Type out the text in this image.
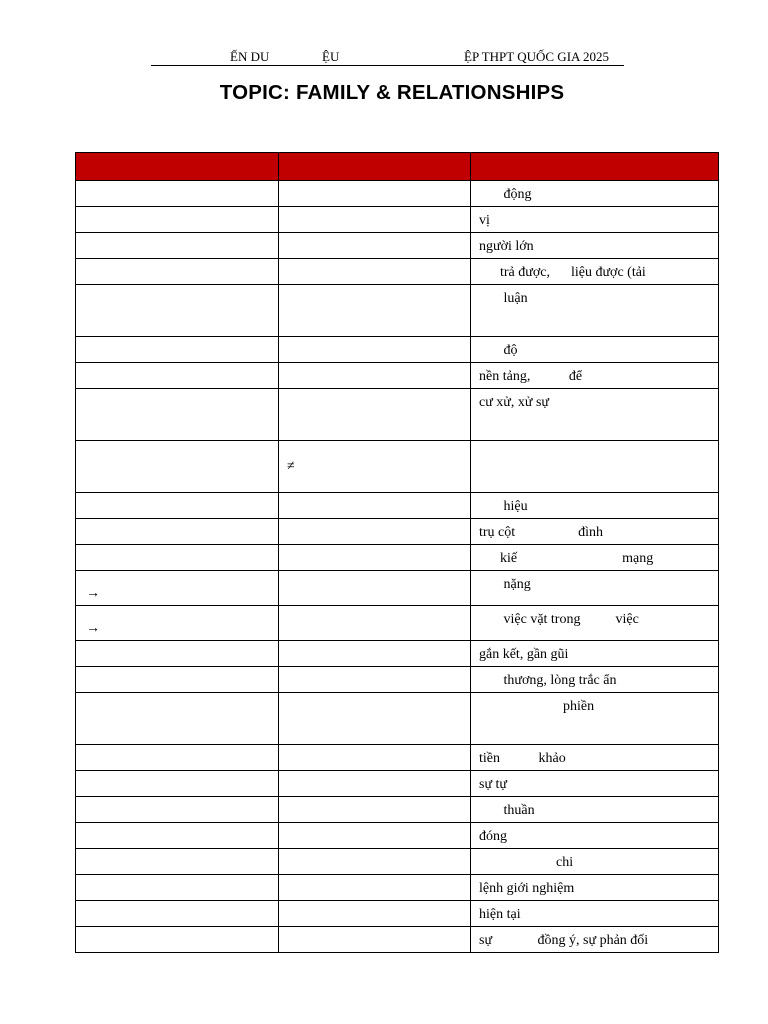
ẾN DU	ỆU	ỆP THPT QUỐC GIA 2025
TOPIC: FAMILY & RELATIONSHIPS

		động
		vị
		người lớn
		trả được,      liệu được (tải
		luận
		độ
		nền tảng,           để
		cư xử, xử sự

	≠	

		hiệu
		trụ cột                  đình
		kiế                              mạng

→		nặng

→		việc vặt trong          việc
		gắn kết, gần gũi
		thương, lòng trắc ẩn
		phiền
		tiền           khảo
		sự tự
		thuần
		đóng
		chi
		lệnh giới nghiệm
		hiện tại
		sự             đồng ý, sự phản đối
